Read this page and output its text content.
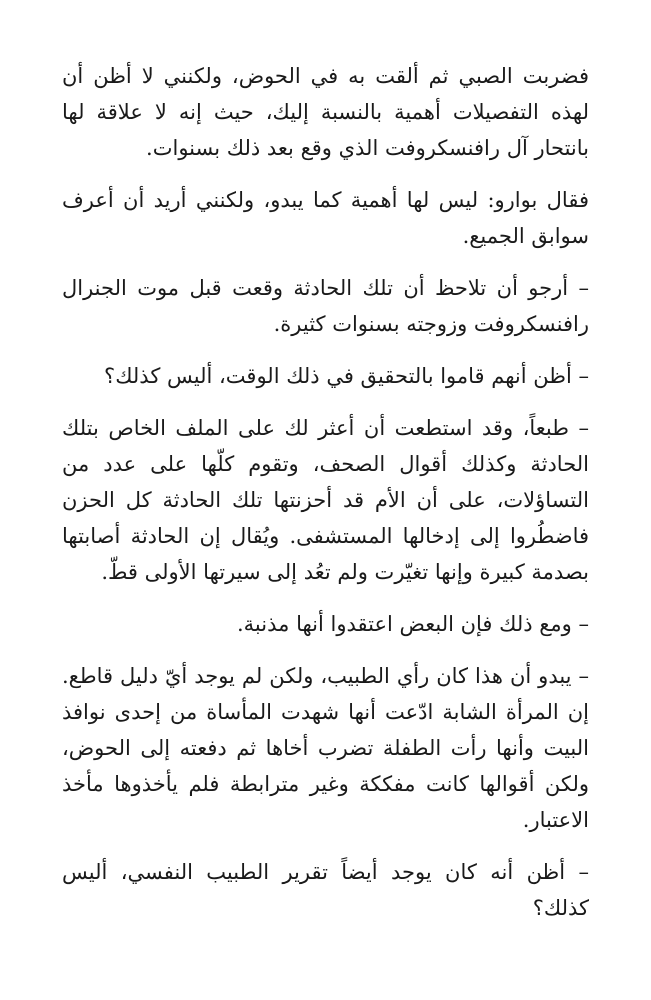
فضربت الصبي ثم ألقت به في الحوض، ولكنني لا أظن أن لهذه التفصيلات أهمية بالنسبة إليك، حيث إنه لا علاقة لها بانتحار آل رافنسكروفت الذي وقع بعد ذلك بسنوات.

فقال بوارو: ليس لها أهمية كما يبدو، ولكنني أريد أن أعرف سوابق الجميع.

– أرجو أن تلاحظ أن تلك الحادثة وقعت قبل موت الجنرال رافنسكروفت وزوجته بسنوات كثيرة.

– أظن أنهم قاموا بالتحقيق في ذلك الوقت، أليس كذلك؟

– طبعاً، وقد استطعت أن أعثر لك على الملف الخاص بتلك الحادثة وكذلك أقوال الصحف، وتقوم كلّها على عدد من التساؤلات، على أن الأم قد أحزنتها تلك الحادثة كل الحزن فاضطُروا إلى إدخالها المستشفى. ويُقال إن الحادثة أصابتها بصدمة كبيرة وإنها تغيّرت ولم تعُد إلى سيرتها الأولى قطّ.

– ومع ذلك فإن البعض اعتقدوا أنها مذنبة.

– يبدو أن هذا كان رأي الطبيب، ولكن لم يوجد أيّ دليل قاطع. إن المرأة الشابة ادّعت أنها شهدت المأساة من إحدى نوافذ البيت وأنها رأت الطفلة تضرب أخاها ثم دفعته إلى الحوض، ولكن أقوالها كانت مفككة وغير مترابطة فلم يأخذوها مأخذ الاعتبار.

– أظن أنه كان يوجد أيضاً تقرير الطبيب النفسي، أليس كذلك؟
